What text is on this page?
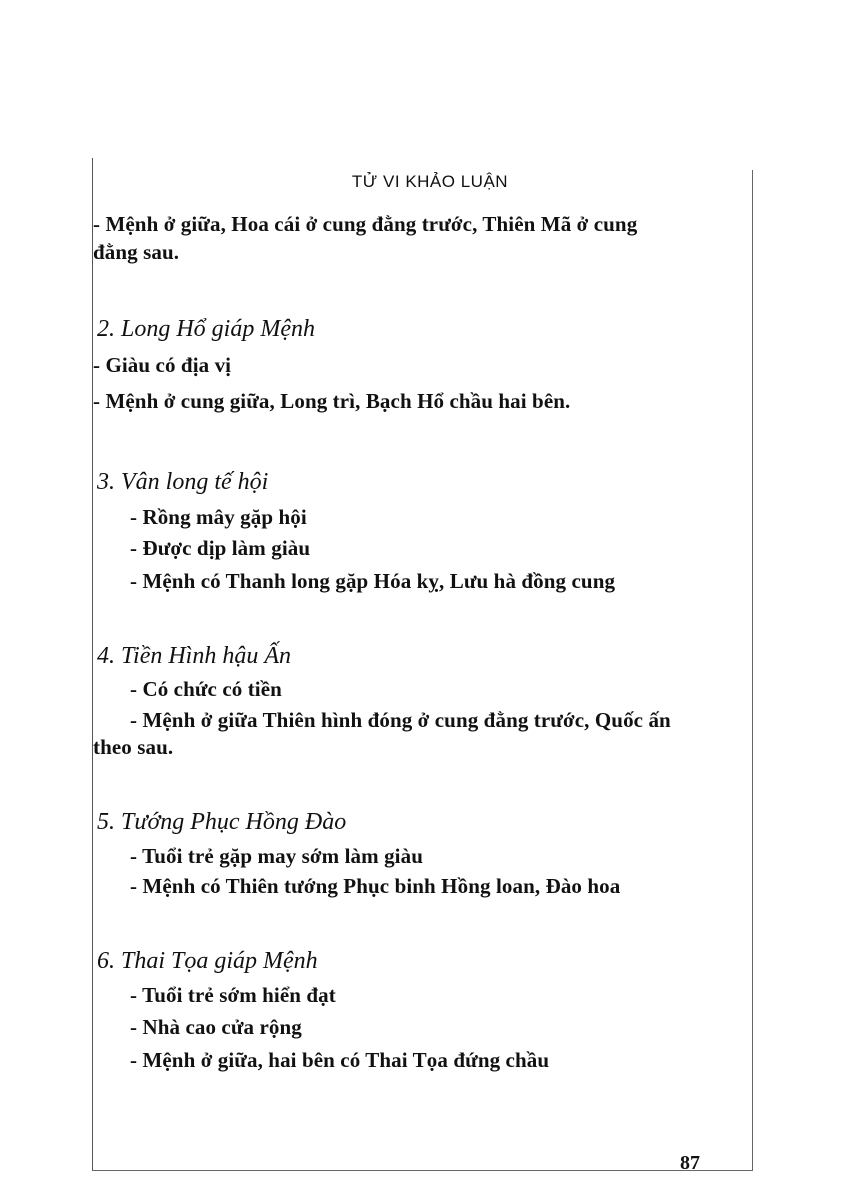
TỬ VI KHẢO LUẬN
- Mệnh ở giữa, Hoa cái ở cung đằng trước, Thiên Mã ở cung
đằng sau.
2. Long Hổ giáp Mệnh
- Giàu có địa vị
- Mệnh ở cung giữa, Long trì, Bạch Hổ chầu hai bên.
3. Vân long tế hội
- Rồng mây gặp hội
- Được dịp làm giàu
- Mệnh có Thanh long gặp Hóa kỵ, Lưu hà đồng cung
4. Tiền Hình hậu Ấn
- Có chức có tiền
- Mệnh ở giữa Thiên hình đóng ở cung đằng trước, Quốc ấn
theo sau.
5. Tướng Phục Hồng Đào
- Tuổi trẻ gặp may sớm làm giàu
- Mệnh có Thiên tướng Phục binh Hồng loan, Đào hoa
6. Thai Tọa giáp Mệnh
- Tuổi trẻ sớm hiển đạt
- Nhà cao cửa rộng
- Mệnh ở giữa, hai bên có Thai Tọa đứng chầu
87
